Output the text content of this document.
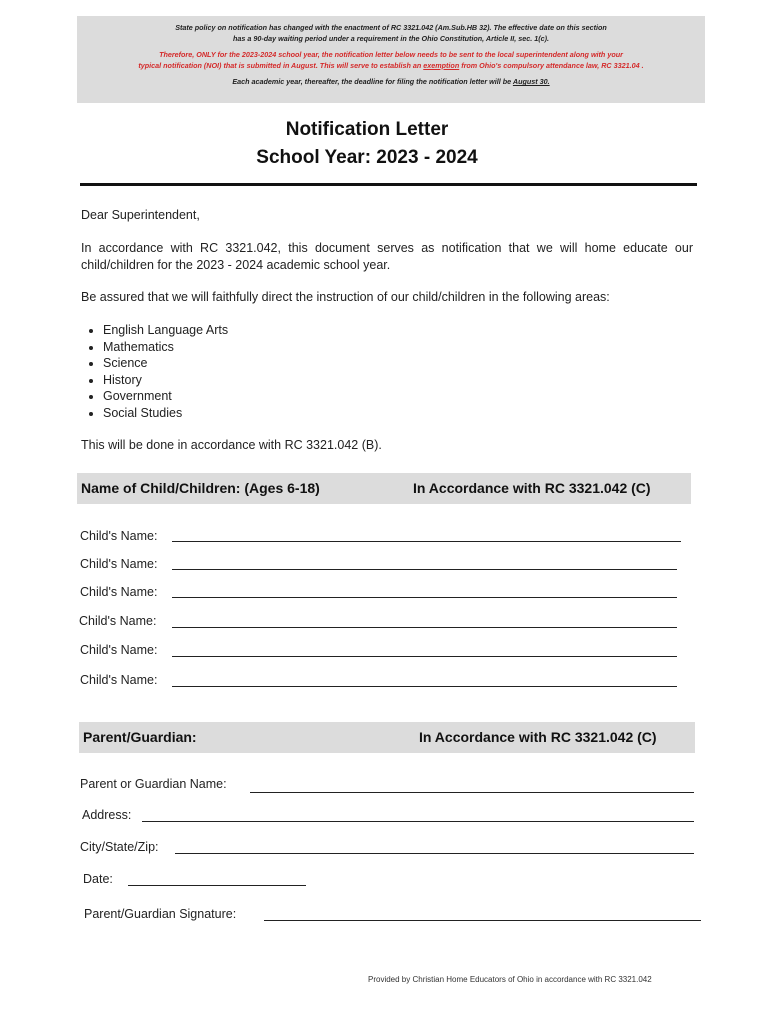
State policy on notification has changed with the enactment of RC 3321.042 (Am.Sub.HB 32). The effective date on this section

has a 90-day waiting period under a requirement in the Ohio Constitution, Article II, sec. 1(c).

Therefore, ONLY for the 2023-2024 school year, the notification letter below needs to be sent to the local superintendent along with your
typical notification (NOI) that is submitted in August. This will serve to establish an exemption from Ohio's compulsory attendance law, RC 3321.04 .

Each academic year, thereafter, the deadline for filing the notification letter will be August 30.

Notification Letter
School Year: 2023 - 2024
Dear Superintendent,
In accordance with RC 3321.042, this document serves as notification that we will home educate our child/children for the 2023 - 2024 academic school year.
Be assured that we will faithfully direct the instruction of our child/children in the following areas:
• English Language Arts
• Mathematics
• Science
• History
• Government
• Social Studies
This will be done in accordance with RC 3321.042 (B).
Name of Child/Children: (Ages 6-18)	In Accordance with RC 3321.042 (C)
Child's Name:
Child's Name:
Child's Name:
Child's Name:
Child's Name:
Child's Name:
Parent/Guardian:	In Accordance with RC 3321.042 (C)
Parent or Guardian Name:
Address:
City/State/Zip:
Date:
Parent/Guardian Signature:
Provided by Christian Home Educators of Ohio in accordance with RC 3321.042
